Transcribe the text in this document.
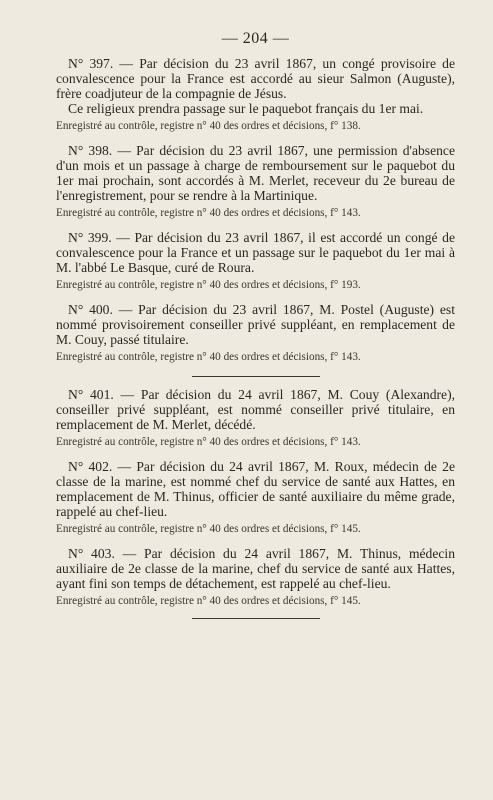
— 204 —

N° 397. — Par décision du 23 avril 1867, un congé provisoire de convalescence pour la France est accordé au sieur Salmon (Auguste), frère coadjuteur de la compagnie de Jésus.

Ce religieux prendra passage sur le paquebot français du 1er mai.

Enregistré au contrôle, registre n° 40 des ordres et décisions, f° 138.

N° 398. — Par décision du 23 avril 1867, une permission d'absence d'un mois et un passage à charge de remboursement sur le paquebot du 1er mai prochain, sont accordés à M. Merlet, receveur du 2e bureau de l'enregistrement, pour se rendre à la Martinique.

Enregistré au contrôle, registre n° 40 des ordres et décisions, f° 143.

N° 399. — Par décision du 23 avril 1867, il est accordé un congé de convalescence pour la France et un passage sur le paquebot du 1er mai à M. l'abbé Le Basque, curé de Roura.

Enregistré au contrôle, registre n° 40 des ordres et décisions, f° 193.

N° 400. — Par décision du 23 avril 1867, M. Postel (Auguste) est nommé provisoirement conseiller privé suppléant, en remplacement de M. Couy, passé titulaire.

Enregistré au contrôle, registre n° 40 des ordres et décisions, f° 143.

N° 401. — Par décision du 24 avril 1867, M. Couy (Alexandre), conseiller privé suppléant, est nommé conseiller privé titulaire, en remplacement de M. Merlet, décédé.

Enregistré au contrôle, registre n° 40 des ordres et décisions, f° 143.

N° 402. — Par décision du 24 avril 1867, M. Roux, médecin de 2e classe de la marine, est nommé chef du service de santé aux Hattes, en remplacement de M. Thinus, officier de santé auxiliaire du même grade, rappelé au chef-lieu.

Enregistré au contrôle, registre n° 40 des ordres et décisions, f° 145.

N° 403. — Par décision du 24 avril 1867, M. Thinus, médecin auxiliaire de 2e classe de la marine, chef du service de santé aux Hattes, ayant fini son temps de détachement, est rappelé au chef-lieu.

Enregistré au contrôle, registre n° 40 des ordres et décisions, f° 145.
